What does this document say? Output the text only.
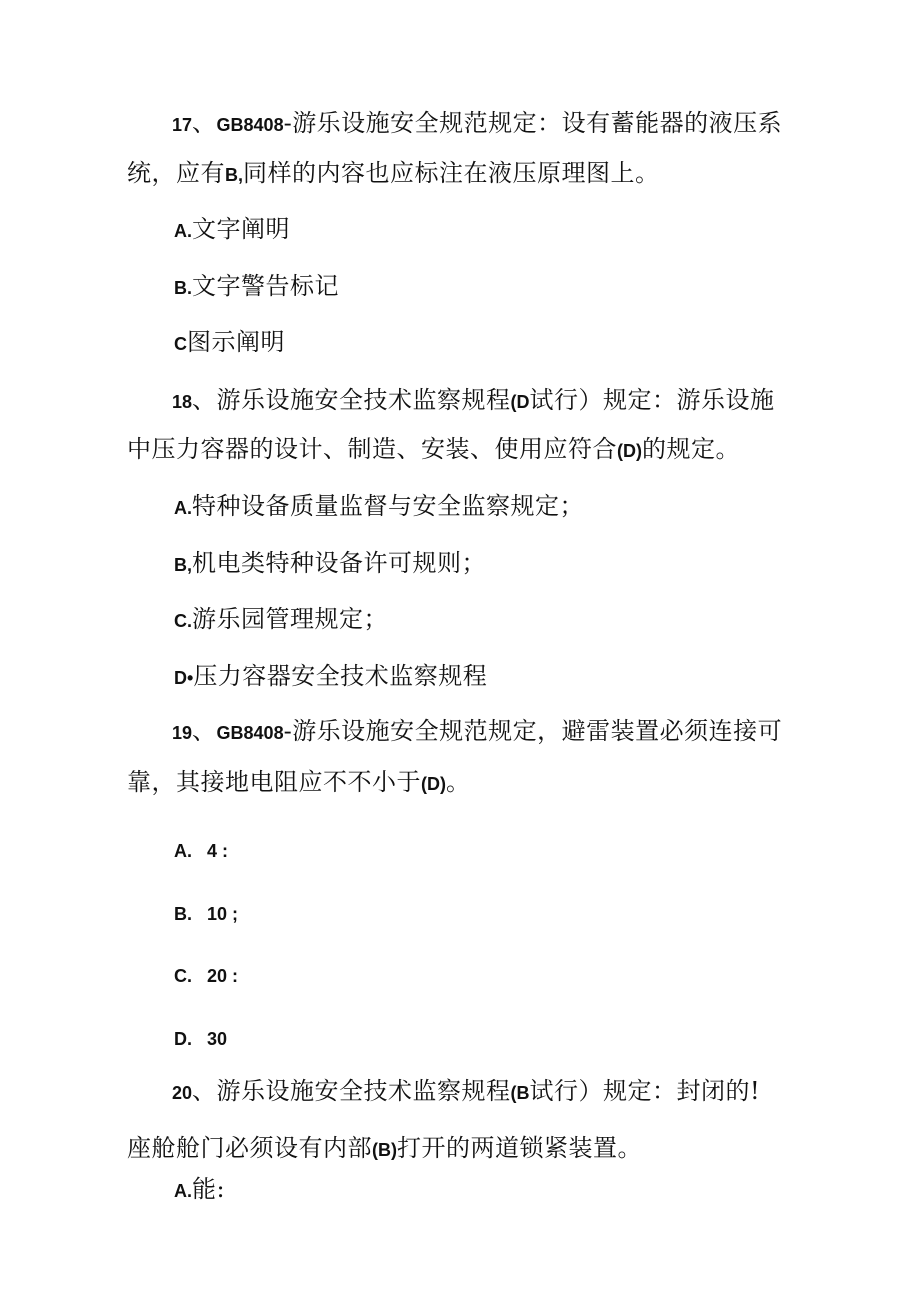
17、GB8408-游乐设施安全规范规定：设有蓄能器的液压系
统，应有B,同样的内容也应标注在液压原理图上。
A.文字阐明
B.文字警告标记
C图示阐明
18、游乐设施安全技术监察规程(D试行）规定：游乐设施
中压力容器的设计、制造、安装、使用应符合(D)的规定。
A.特种设备质量监督与安全监察规定；
B,机电类特种设备许可规则；
C.游乐园管理规定；
D•压力容器安全技术监察规程
19、GB8408-游乐设施安全规范规定，避雷装置必须连接可
靠，其接地电阻应不不小于(D)。
A.   4 :
B.   10 ;
C.   20 :
D.   30
20、游乐设施安全技术监察规程(B试行）规定：封闭的!
座舱舱门必须设有内部(B)打开的两道锁紧装置。
A.能:
